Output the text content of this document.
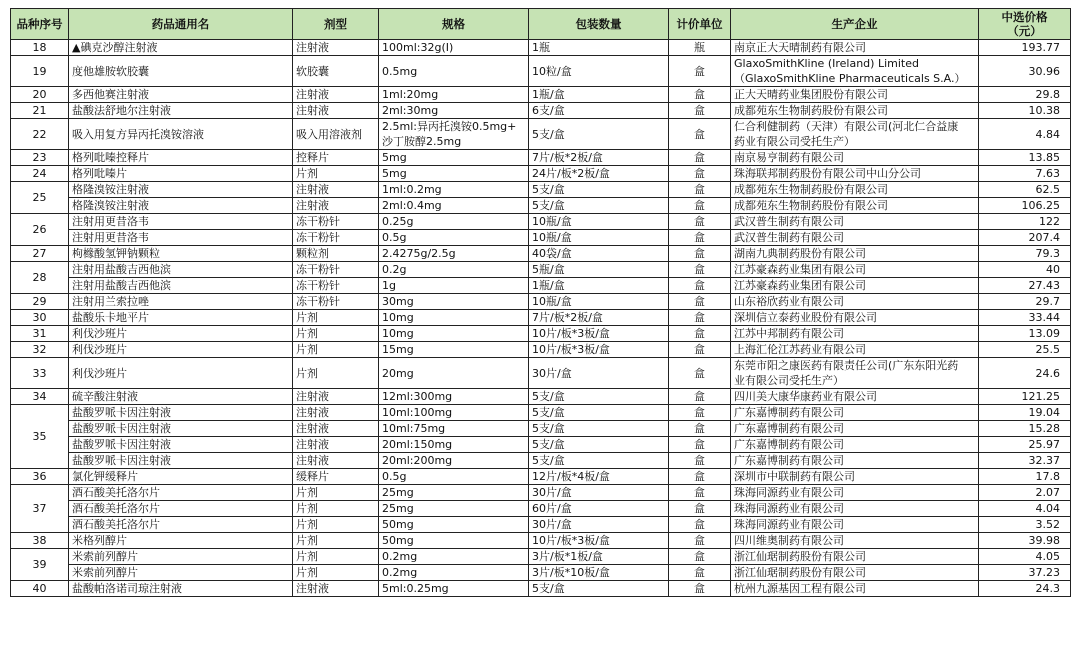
品种序号	药品通用名	剂型	规格	包装数量	计价单位	生产企业	中选价格
（元）
18	▲碘克沙醇注射液	注射液	100ml:32g(I)	1瓶	瓶	南京正大天晴制药有限公司	193.77
19	度他雄胺软胶囊	软胶囊	0.5mg	10粒/盒	盒	GlaxoSmithKline (Ireland) Limited
（GlaxoSmithKline Pharmaceuticals S.A.）	30.96
20	多西他赛注射液	注射液	1ml:20mg	1瓶/盒	盒	正大天晴药业集团股份有限公司	29.8
21	盐酸法舒地尔注射液	注射液	2ml:30mg	6支/盒	盒	成都苑东生物制药股份有限公司	10.38
22	吸入用复方异丙托溴铵溶液	吸入用溶液剂	2.5ml:异丙托溴铵0.5mg+
沙丁胺醇2.5mg	5支/盒	盒	仁合利健制药（天津）有限公司(河北仁合益康
药业有限公司受托生产）	4.84
23	格列吡嗪控释片	控释片	5mg	7片/板*2板/盒	盒	南京易亨制药有限公司	13.85
24	格列吡嗪片	片剂	5mg	24片/板*2板/盒	盒	珠海联邦制药股份有限公司中山分公司	7.63
25	格隆溴铵注射液	注射液	1ml:0.2mg	5支/盒	盒	成都苑东生物制药股份有限公司	62.5
	格隆溴铵注射液	注射液	2ml:0.4mg	5支/盒	盒	成都苑东生物制药股份有限公司	106.25
26	注射用更昔洛韦	冻干粉针	0.25g	10瓶/盒	盒	武汉普生制药有限公司	122
	注射用更昔洛韦	冻干粉针	0.5g	10瓶/盒	盒	武汉普生制药有限公司	207.4
27	枸橼酸氢钾钠颗粒	颗粒剂	2.4275g/2.5g	40袋/盒	盒	湖南九典制药股份有限公司	79.3
28	注射用盐酸吉西他滨	冻干粉针	0.2g	5瓶/盒	盒	江苏豪森药业集团有限公司	40
	注射用盐酸吉西他滨	冻干粉针	1g	1瓶/盒	盒	江苏豪森药业集团有限公司	27.43
29	注射用兰索拉唑	冻干粉针	30mg	10瓶/盒	盒	山东裕欣药业有限公司	29.7
30	盐酸乐卡地平片	片剂	10mg	7片/板*2板/盒	盒	深圳信立泰药业股份有限公司	33.44
31	利伐沙班片	片剂	10mg	10片/板*3板/盒	盒	江苏中邦制药有限公司	13.09
32	利伐沙班片	片剂	15mg	10片/板*3板/盒	盒	上海汇伦江苏药业有限公司	25.5
33	利伐沙班片	片剂	20mg	30片/盒	盒	东莞市阳之康医药有限责任公司(广东东阳光药
业有限公司受托生产）	24.6
34	硫辛酸注射液	注射液	12ml:300mg	5支/盒	盒	四川美大康华康药业有限公司	121.25
35	盐酸罗哌卡因注射液	注射液	10ml:100mg	5支/盒	盒	广东嘉博制药有限公司	19.04
	盐酸罗哌卡因注射液	注射液	10ml:75mg	5支/盒	盒	广东嘉博制药有限公司	15.28
	盐酸罗哌卡因注射液	注射液	20ml:150mg	5支/盒	盒	广东嘉博制药有限公司	25.97
	盐酸罗哌卡因注射液	注射液	20ml:200mg	5支/盒	盒	广东嘉博制药有限公司	32.37
36	氯化钾缓释片	缓释片	0.5g	12片/板*4板/盒	盒	深圳市中联制药有限公司	17.8
37	酒石酸美托洛尔片	片剂	25mg	30片/盒	盒	珠海同源药业有限公司	2.07
	酒石酸美托洛尔片	片剂	25mg	60片/盒	盒	珠海同源药业有限公司	4.04
	酒石酸美托洛尔片	片剂	50mg	30片/盒	盒	珠海同源药业有限公司	3.52
38	米格列醇片	片剂	50mg	10片/板*3板/盒	盒	四川维奥制药有限公司	39.98
39	米索前列醇片	片剂	0.2mg	3片/板*1板/盒	盒	浙江仙琚制药股份有限公司	4.05
	米索前列醇片	片剂	0.2mg	3片/板*10板/盒	盒	浙江仙琚制药股份有限公司	37.23
40	盐酸帕洛诺司琼注射液	注射液	5ml:0.25mg	5支/盒	盒	杭州九源基因工程有限公司	24.3
